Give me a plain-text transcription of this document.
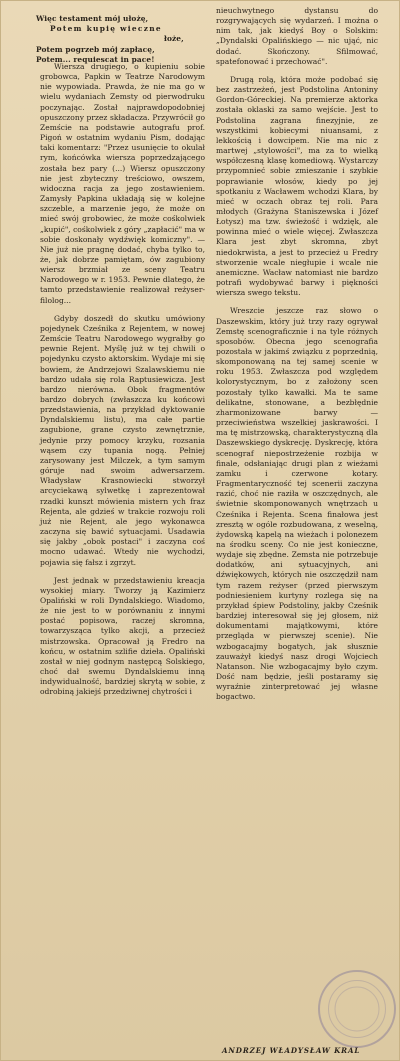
Więc testament mój ułożę,
Potem kupię wieczne
łoże,
Potem pogrzeb mój zapłacę,
Potem... requiescat in pace!

Wiersza drugiego, o kupieniu sobie grobowca, Papkin w Teatrze Narodowym nie wypowiada. Prawda, że nie ma go w wielu wydaniach Zemsty od pierwodruku poczynając. Został najprawdopodobniej opuszczony przez składacza. Przywrócił go Zemście na podstawie autografu prof. Pigoń w ostatnim wydaniu Pism, dodając taki komentarz: "Przez usunięcie to okulał rym, końcówka wiersza poprzedzającego została bez pary (...) Wiersz opuszczony nie jest zbyteczny treściowo, owszem, widoczna racja za jego zostawieniem. Zamysły Papkina układają się w kolejne szczeble, a marzenie jego, że może on mieć swój grobowiec, że może cośkolwiek „kupić", cośkolwiek z góry „zapłacić" ma w sobie doskonały wydźwięk komiczny". — Nie już nie pragnę dodać, chyba tylko to, że, jak dobrze pamiętam, ów zagubiony wiersz brzmiał ze sceny Teatru Narodowego w r. 1953. Pewnie dlatego, że tamto przedstawienie realizował reżyser-filolog...

Gdyby doszedł do skutku umówiony pojedynek Cześnika z Rejentem, w nowej Zemście Teatru Narodowego wygrałby go pewnie Rejent. Myślę już w tej chwili o pojedynku czysto aktorskim. Wydaje mi się bowiem, że Andrzejowi Szalawskiemu nie bardzo udała się rola Raptusiewicza. Jest bardzo nierówna. Obok fragmentów bardzo dobrych (zwłaszcza ku końcowi przedstawienia, na przykład dyktowanie Dyndalskiemu listu), ma całe partie zagubione, grane czysto zewnętrznie, jedynie przy pomocy krzyku, rozsania wąsem czy tupania nogą. Pełniej zarysowany jest Milczek, a tym samym góruje nad swoim adwersarzem. Władysław Krasnowiecki stworzył arcyciekawą sylwetkę i zaprezentował rzadki kunszt mówienia mistern ych fraz Rejenta, ale gdzieś w trakcie rozwoju roli już nie Rejent, ale jego wykonawca zaczyna się bawić sytuacjami. Usadawia się jakby „obok postaci" i zaczyna coś mocno udawać. Wtedy nie wychodzi, pojawia się fałsz i zgrzyt.

Jest jednak w przedstawieniu kreacja wysokiej miary. Tworzy ją Kazimierz Opaliński w roli Dyndalskiego. Wiadomo, że nie jest to w porównaniu z innymi postać popisowa, raczej skromna, towarzysząca tylko akcji, a przecież mistrzowska. Opracował ją Fredro na końcu, w ostatnim szlifie dzieła. Opaliński został w niej godnym następcą Solskiego, choć dał swemu Dyndalskiemu inną indywidualność, bardziej skrytą w sobie, z odrobiną jakiejś przedziwnej chytrości i

nieuchwytnego dystansu do rozgrywających się wydarzeń. I można o nim tak, jak kiedyś Boy o Solskim: „Dyndalski Opalińskiego — nic ująć, nic dodać. Skończony. Sfilmować, spatefonować i przechować".

Drugą rolą, która może podobać się bez zastrzeżeń, jest Podstolina Antoniny Gordon-Góreckiej. Na premierze aktorka została oklaski za samo wejście. Jest to Podstolina zagrana finezyjnie, ze wszystkimi kobiecymi niuansami, z lekkością i dowcipem. Nie ma nic z martwej „stylowości", ma za to wielką współczesną klasę komediową. Wystarczy przypomnieć sobie zmieszanie i szybkie poprawianie włosów, kiedy po jej spotkaniu z Wacławem wchodzi Klara, by mieć w oczach obraz tej roli. Para młodych (Grażyna Staniszewska i Józef Łotysz) ma tzw. świeżość i wdzięk, ale powinna mieć o wiele więcej. Zwłaszcza Klara jest zbyt skromna, zbyt niedokrwista, a jest to przecież u Fredry stworzenie wcale niegłupie i wcale nie anemiczne. Wacław natomiast nie bardzo potrafi wydobywać barwy i piękności wiersza swego tekstu.

Wreszcie jeszcze raz słowo o Daszewskim, który już trzy razy ogrywał Zemstę scenograficznie i na tyle różnych sposobów. Obecna jego scenografia pozostała w jakimś związku z poprzednią, skomponowaną na tej samej scenie w roku 1953. Zwłaszcza pod względem kolorystycznym, bo z założony scen pozostały tylko kawałki. Ma te same delikatne, stonowane, a bezbłędnie zharmonizowane barwy — przeciwieństwa wszelkiej jaskrawości. I ma tę mistrzowską, charakterystyczną dla Daszewskiego dyskrecję. Dyskrecję, która scenograf niepostrzeżenie rozbija w finale, odsłaniając drugi plan z wieżami zamku i czerwone kotary. Fragmentaryczność tej scenerii zaczyna razić, choć nie raziła w oszczędnych, ale świetnie skomponowanych wnętrzach u Cześnika i Rejenta. Scena finałowa jest zresztą w ogóle rozbudowana, z weselną, żydowską kapelą na wieżach i polonezem na środku sceny. Co nie jest konieczne, wydaje się zbędne. Zemsta nie potrzebuje dodatków, ani sytuacyjnych, ani dźwiękowych, których nie oszczędził nam tym razem reżyser (przed pierwszym podniesieniem kurtyny rozlega się na przykład śpiew Podstoliny, jakby Cześnik bardziej interesował się jej głosem, niż dokumentami majątkowymi, które przegląda w pierwszej scenie). Nie wzbogacajmy bogatych, jak słusznie zauważył kiedyś nasz drogi Wojciech Natanson. Nie wzbogacajmy było czym. Dość nam będzie, jeśli postaramy się wyraźnie zinterpretować jej własne bogactwo.

ANDRZEJ WŁADYSŁAW KRAL
